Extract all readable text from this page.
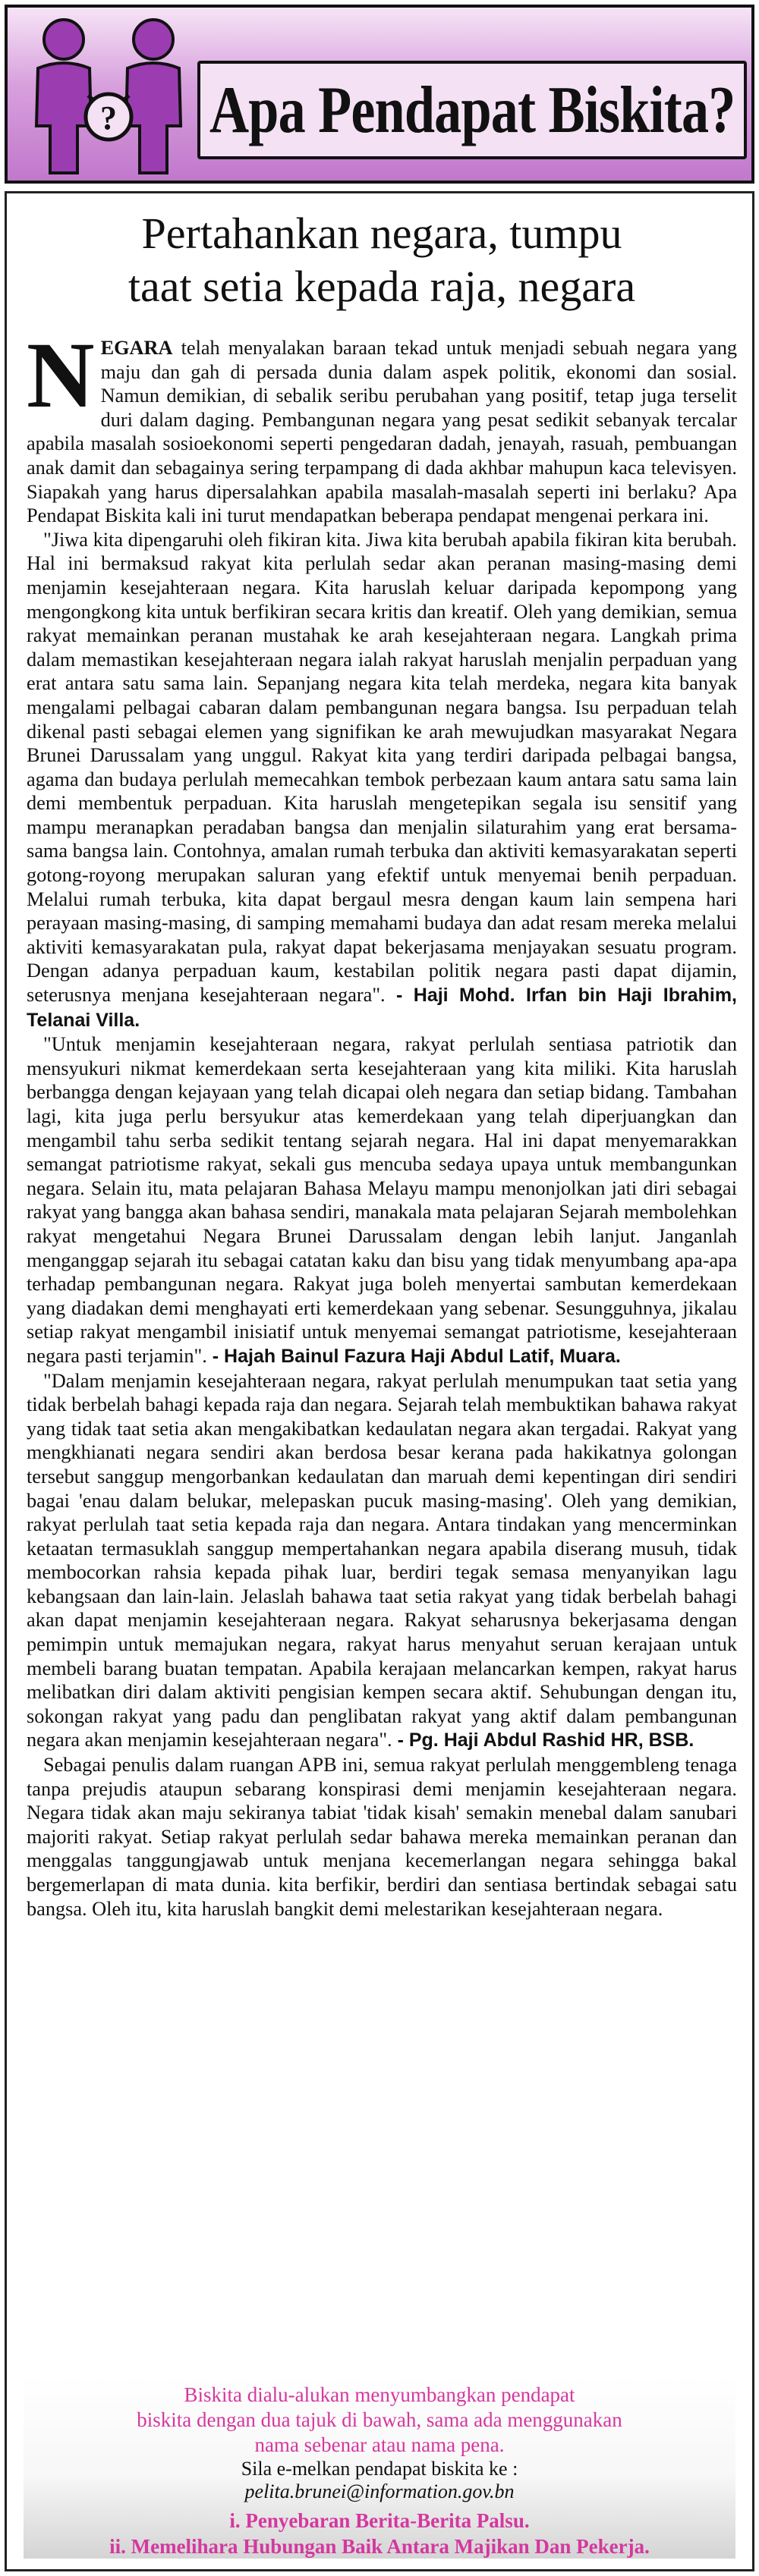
? Apa Pendapat Biskita?
Pertahankan negara, tumpu
taat setia kepada raja, negara

NEGARA telah menyalakan baraan tekad untuk menjadi sebuah negara yang maju dan gah di persada dunia dalam aspek politik, ekonomi dan sosial. Namun demikian, di sebalik seribu perubahan yang positif, tetap juga terselit duri dalam daging. Pembangunan negara yang pesat sedikit sebanyak tercalar apabila masalah sosioekonomi seperti pengedaran dadah, jenayah, rasuah, pembuangan anak damit dan sebagainya sering terpampang di dada akhbar mahupun kaca televisyen. Siapakah yang harus dipersalahkan apabila masalah-masalah seperti ini berlaku? Apa Pendapat Biskita kali ini turut mendapatkan beberapa pendapat mengenai perkara ini.

"Jiwa kita dipengaruhi oleh fikiran kita. Jiwa kita berubah apabila fikiran kita berubah. Hal ini bermaksud rakyat kita perlulah sedar akan peranan masing-masing demi menjamin kesejahteraan negara. Kita haruslah keluar daripada kepompong yang mengongkong kita untuk berfikiran secara kritis dan kreatif. Oleh yang demikian, semua rakyat memainkan peranan mustahak ke arah kesejahteraan negara. Langkah prima dalam memastikan kesejahteraan negara ialah rakyat haruslah menjalin perpaduan yang erat antara satu sama lain. Sepanjang negara kita telah merdeka, negara kita banyak mengalami pelbagai cabaran dalam pembangunan negara bangsa. Isu perpaduan telah dikenal pasti sebagai elemen yang signifikan ke arah mewujudkan masyarakat Negara Brunei Darussalam yang unggul. Rakyat kita yang terdiri daripada pelbagai bangsa, agama dan budaya perlulah memecahkan tembok perbezaan kaum antara satu sama lain demi membentuk perpaduan. Kita haruslah mengetepikan segala isu sensitif yang mampu meranapkan peradaban bangsa dan menjalin silaturahim yang erat bersama-sama bangsa lain. Contohnya, amalan rumah terbuka dan aktiviti kemasyarakatan seperti gotong-royong merupakan saluran yang efektif untuk menyemai benih perpaduan. Melalui rumah terbuka, kita dapat bergaul mesra dengan kaum lain sempena hari perayaan masing-masing, di samping memahami budaya dan adat resam mereka melalui aktiviti kemasyarakatan pula, rakyat dapat bekerjasama menjayakan sesuatu program. Dengan adanya perpaduan kaum, kestabilan politik negara pasti dapat dijamin, seterusnya menjana kesejahteraan negara". - Haji Mohd. Irfan bin Haji Ibrahim, Telanai Villa.

"Untuk menjamin kesejahteraan negara, rakyat perlulah sentiasa patriotik dan mensyukuri nikmat kemerdekaan serta kesejahteraan yang kita miliki. Kita haruslah berbangga dengan kejayaan yang telah dicapai oleh negara dan setiap bidang. Tambahan lagi, kita juga perlu bersyukur atas kemerdekaan yang telah diperjuangkan dan mengambil tahu serba sedikit tentang sejarah negara. Hal ini dapat menyemarakkan semangat patriotisme rakyat, sekali gus mencuba sedaya upaya untuk membangunkan negara. Selain itu, mata pelajaran Bahasa Melayu mampu menonjolkan jati diri sebagai rakyat yang bangga akan bahasa sendiri, manakala mata pelajaran Sejarah membolehkan rakyat mengetahui Negara Brunei Darussalam dengan lebih lanjut. Janganlah menganggap sejarah itu sebagai catatan kaku dan bisu yang tidak menyumbang apa-apa terhadap pembangunan negara. Rakyat juga boleh menyertai sambutan kemerdekaan yang diadakan demi menghayati erti kemerdekaan yang sebenar. Sesungguhnya, jikalau setiap rakyat mengambil inisiatif untuk menyemai semangat patriotisme, kesejahteraan negara pasti terjamin". - Hajah Bainul Fazura Haji Abdul Latif, Muara.

"Dalam menjamin kesejahteraan negara, rakyat perlulah menumpukan taat setia yang tidak berbelah bahagi kepada raja dan negara. Sejarah telah membuktikan bahawa rakyat yang tidak taat setia akan mengakibatkan kedaulatan negara akan tergadai. Rakyat yang mengkhianati negara sendiri akan berdosa besar kerana pada hakikatnya golongan tersebut sanggup mengorbankan kedaulatan dan maruah demi kepentingan diri sendiri bagai 'enau dalam belukar, melepaskan pucuk masing-masing'. Oleh yang demikian, rakyat perlulah taat setia kepada raja dan negara. Antara tindakan yang mencerminkan ketaatan termasuklah sanggup mempertahankan negara apabila diserang musuh, tidak membocorkan rahsia kepada pihak luar, berdiri tegak semasa menyanyikan lagu kebangsaan dan lain-lain. Jelaslah bahawa taat setia rakyat yang tidak berbelah bahagi akan dapat menjamin kesejahteraan negara. Rakyat seharusnya bekerjasama dengan pemimpin untuk memajukan negara, rakyat harus menyahut seruan kerajaan untuk membeli barang buatan tempatan. Apabila kerajaan melancarkan kempen, rakyat harus melibatkan diri dalam aktiviti pengisian kempen secara aktif. Sehubungan dengan itu, sokongan rakyat yang padu dan penglibatan rakyat yang aktif dalam pembangunan negara akan menjamin kesejahteraan negara". - Pg. Haji Abdul Rashid HR, BSB.

Sebagai penulis dalam ruangan APB ini, semua rakyat perlulah menggembleng tenaga tanpa prejudis ataupun sebarang konspirasi demi menjamin kesejahteraan negara. Negara tidak akan maju sekiranya tabiat 'tidak kisah' semakin menebal dalam sanubari majoriti rakyat. Setiap rakyat perlulah sedar bahawa mereka memainkan peranan dan menggalas tanggungjawab untuk menjana kecemerlangan negara sehingga bakal bergemerlapan di mata dunia. kita berfikir, berdiri dan sentiasa bertindak sebagai satu bangsa. Oleh itu, kita haruslah bangkit demi melestarikan kesejahteraan negara.

Biskita dialu-alukan menyumbangkan pendapat
biskita dengan dua tajuk di bawah, sama ada menggunakan
nama sebenar atau nama pena.
Sila e-melkan pendapat biskita ke :
pelita.brunei@information.gov.bn
i. Penyebaran Berita-Berita Palsu.
ii. Memelihara Hubungan Baik Antara Majikan Dan Pekerja.
